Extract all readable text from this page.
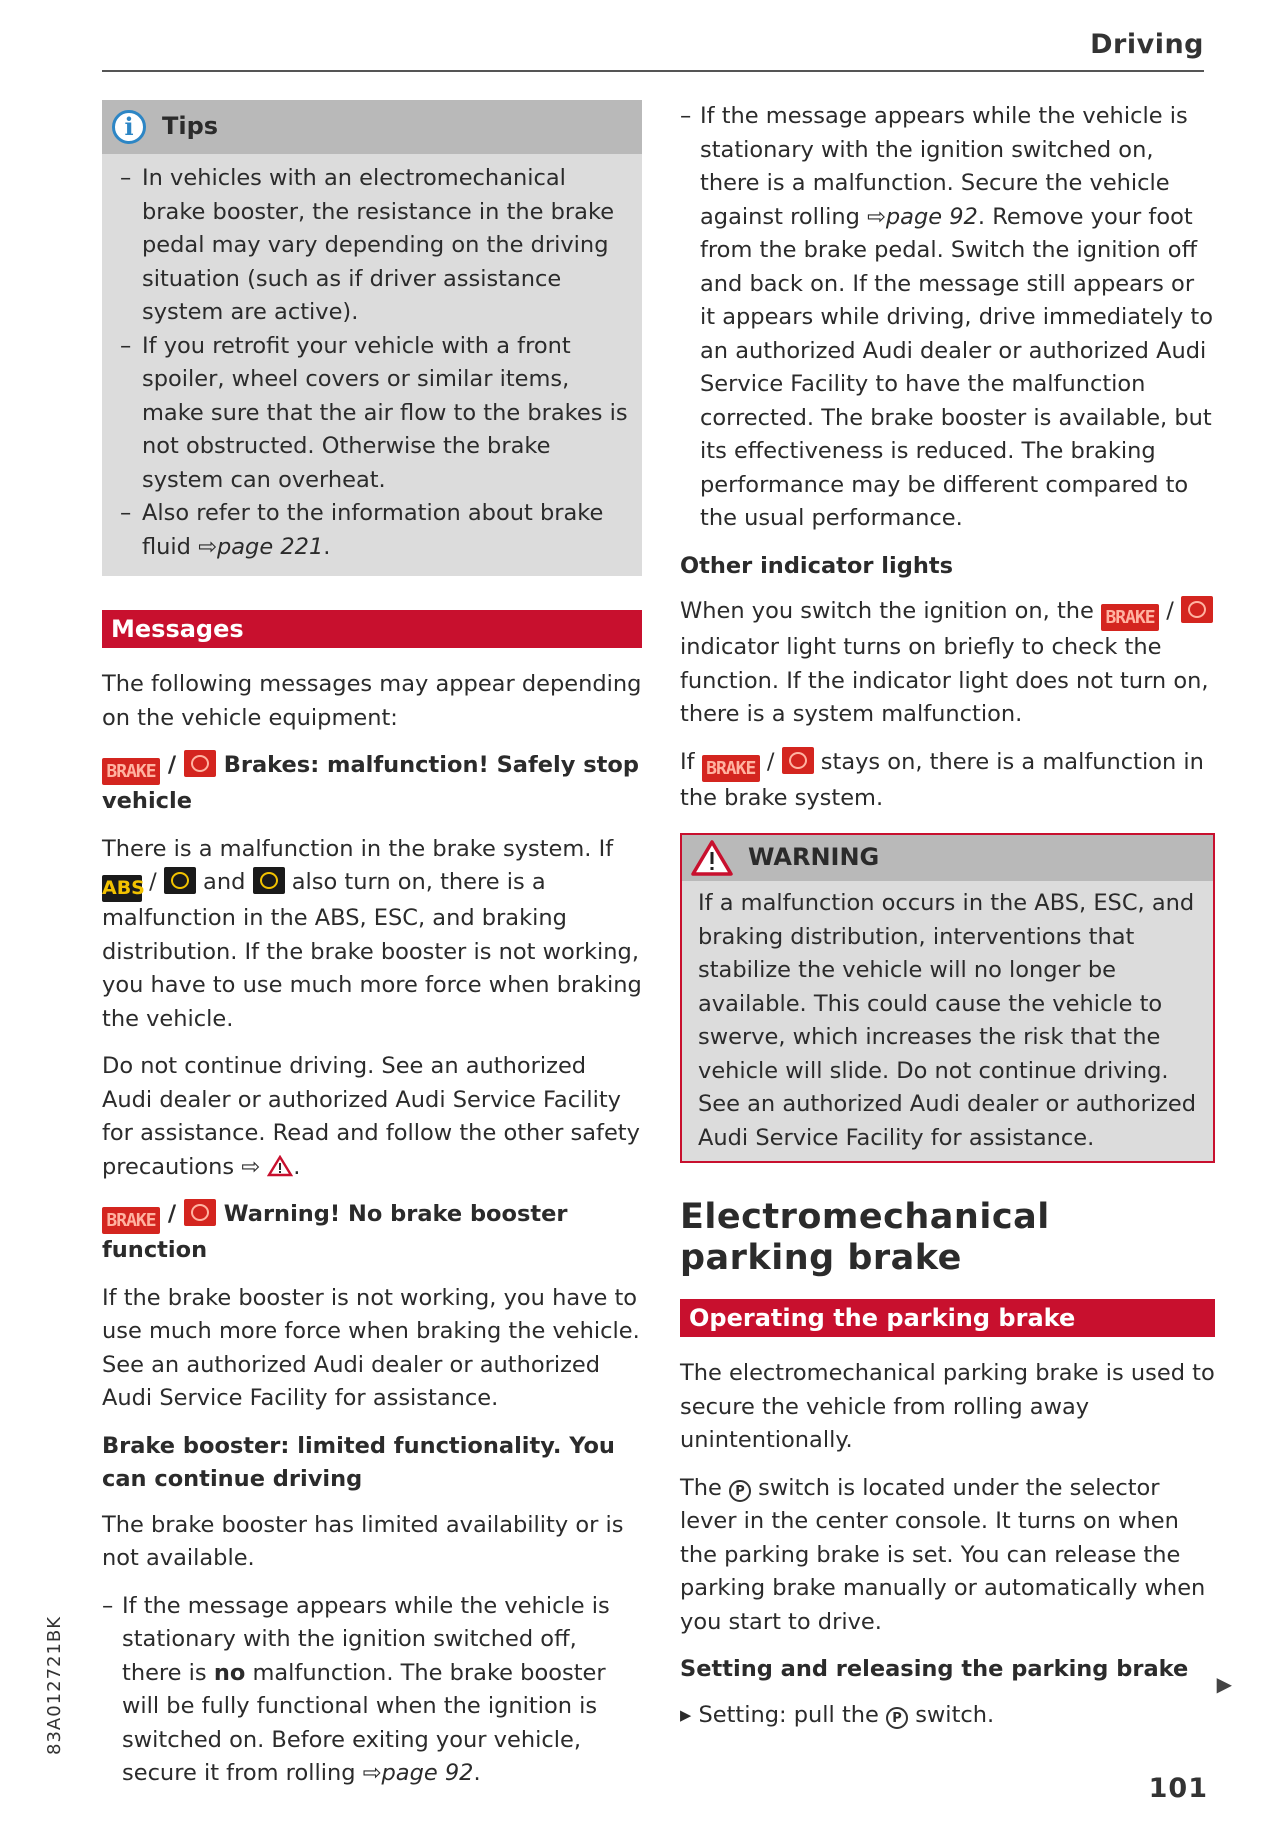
Driving
i	Tips
– In vehicles with an electromechanical brake booster, the resistance in the brake pedal may vary depending on the driving situation (such as if driver assistance system are active).
– If you retrofit your vehicle with a front spoiler, wheel covers or similar items, make sure that the air flow to the brakes is not obstructed. Otherwise the brake system can overheat.
– Also refer to the information about brake fluid ⇨page 221.
Messages

The following messages may appear depending on the vehicle equipment:

BRAKE / Brakes: malfunction! Safely stop vehicle

There is a malfunction in the brake system. If ABS /  and also turn on, there is a malfunction in the ABS, ESC, and braking distribution. If the brake booster is not working, you have to use much more force when braking the vehicle.

Do not continue driving. See an authorized Audi dealer or authorized Audi Service Facility for assistance. Read and follow the other safety precautions ⇨ .

BRAKE / Warning! No brake booster function

If the brake booster is not working, you have to use much more force when braking the vehicle. See an authorized Audi dealer or authorized Audi Service Facility for assistance.

Brake booster: limited functionality. You can continue driving

The brake booster has limited availability or is not available.

– If the message appears while the vehicle is stationary with the ignition switched off, there is no malfunction. The brake booster will be fully functional when the ignition is switched on. Before exiting your vehicle, secure it from rolling ⇨page 92.

– If the message appears while the vehicle is stationary with the ignition switched on, there is a malfunction. Secure the vehicle against rolling ⇨page 92. Remove your foot from the brake pedal. Switch the ignition off and back on. If the message still appears or it appears while driving, drive immediately to an authorized Audi dealer or authorized Audi Service Facility to have the malfunction corrected. The brake booster is available, but its effectiveness is reduced. The braking performance may be different compared to the usual performance.

Other indicator lights

When you switch the ignition on, the BRAKE /  indicator light turns on briefly to check the function. If the indicator light does not turn on, there is a system malfunction.

If BRAKE / stays on, there is a malfunction in the brake system.

WARNING
If a malfunction occurs in the ABS, ESC, and braking distribution, interventions that stabilize the vehicle will no longer be available. This could cause the vehicle to swerve, which increases the risk that the vehicle will slide. Do not continue driving. See an authorized Audi dealer or authorized Audi Service Facility for assistance.
Electromechanical
parking brake
Operating the parking brake

The electromechanical parking brake is used to secure the vehicle from rolling away unintentionally.

The P switch is located under the selector lever in the center console. It turns on when the parking brake is set. You can release the parking brake manually or automatically when you start to drive.

Setting and releasing the parking brake

▸ Setting: pull the P switch.

▶
83A012721BK
101
